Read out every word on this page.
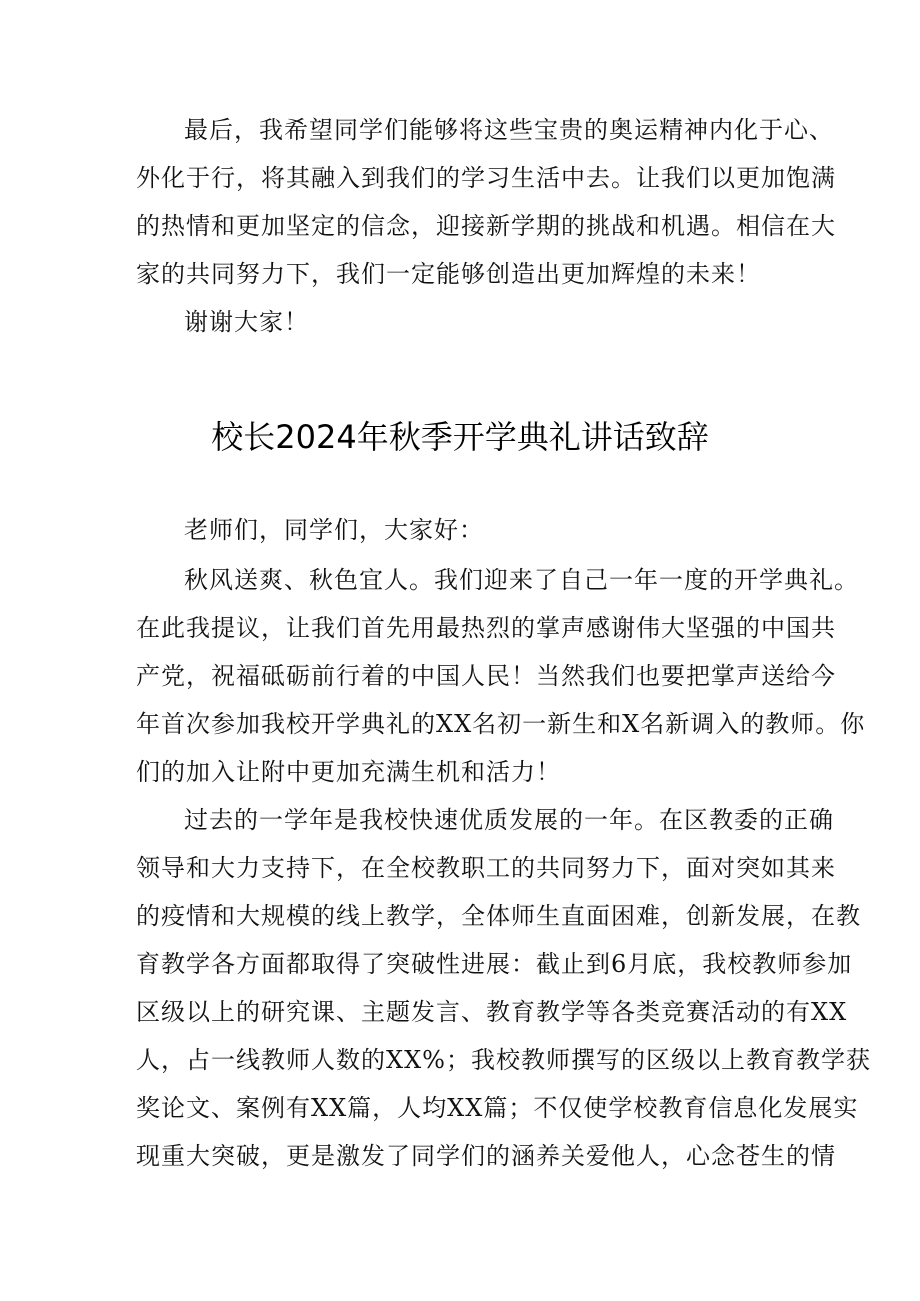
最后，我希望同学们能够将这些宝贵的奥运精神内化于心、
外化于行，将其融入到我们的学习生活中去。让我们以更加饱满
的热情和更加坚定的信念，迎接新学期的挑战和机遇。相信在大
家的共同努力下，我们一定能够创造出更加辉煌的未来！
谢谢大家！
校长2024年秋季开学典礼讲话致辞
老师们，同学们，大家好：
秋风送爽、秋色宜人。我们迎来了自己一年一度的开学典礼。
在此我提议，让我们首先用最热烈的掌声感谢伟大坚强的中国共
产党，祝福砥砺前行着的中国人民！当然我们也要把掌声送给今
年首次参加我校开学典礼的XX名初一新生和X名新调入的教师。你
们的加入让附中更加充满生机和活力！
过去的一学年是我校快速优质发展的一年。在区教委的正确
领导和大力支持下，在全校教职工的共同努力下，面对突如其来
的疫情和大规模的线上教学，全体师生直面困难，创新发展，在教
育教学各方面都取得了突破性进展：截止到6月底，我校教师参加
区级以上的研究课、主题发言、教育教学等各类竞赛活动的有XX
人，占一线教师人数的XX%；我校教师撰写的区级以上教育教学获
奖论文、案例有XX篇，人均XX篇；不仅使学校教育信息化发展实
现重大突破，更是激发了同学们的涵养关爱他人，心念苍生的情
